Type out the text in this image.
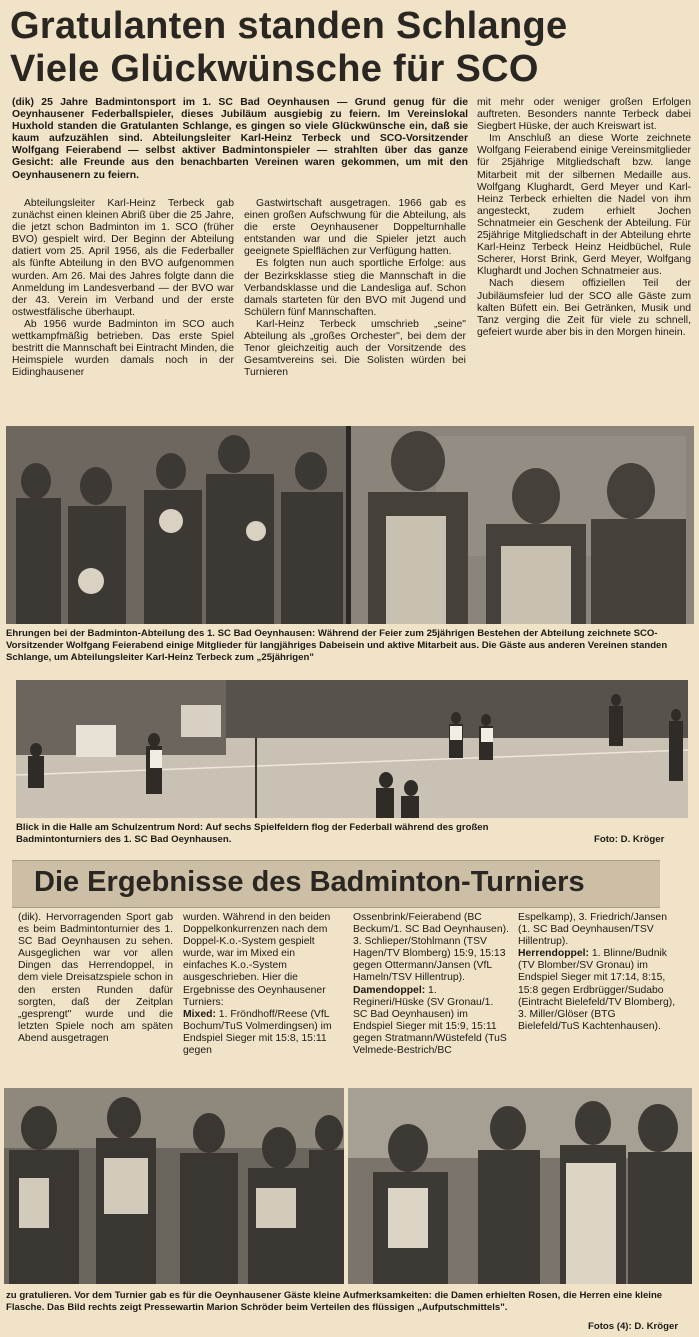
Gratulanten standen Schlange
Viele Glückwünsche für SCO
(dik) 25 Jahre Badmintonsport im 1. SC Bad Oeynhausen — Grund genug für die Oeynhausener Federballspieler, dieses Jubiläum ausgiebig zu feiern. Im Vereinslokal Huxhold standen die Gratulanten Schlange, es gingen so viele Glückwünsche ein, daß sie kaum aufzuzählen sind. Abteilungsleiter Karl-Heinz Terbeck und SCO-Vorsitzender Wolfgang Feierabend — selbst aktiver Badmintonspieler — strahlten über das ganze Gesicht: alle Freunde aus den benachbarten Vereinen waren gekommen, um mit den Oeynhausenern zu feiern.

Abteilungsleiter Karl-Heinz Terbeck gab zunächst einen kleinen Abriß über die 25 Jahre, die jetzt schon Badminton im 1. SCO (früher BVO) gespielt wird. Der Beginn der Abteilung datiert vom 25. April 1956, als die Federballer als fünfte Abteilung in den BVO aufgenommen wurden. Am 26. Mai des Jahres folgte dann die Anmeldung im Landesverband — der BVO war der 43. Verein im Verband und der erste ostwestfälische überhaupt.

Ab 1956 wurde Badminton im SCO auch wettkampfmäßig betrieben. Das erste Spiel bestritt die Mannschaft bei Eintracht Minden, die Heimspiele wurden damals noch in der Eidinghausener

Gastwirtschaft ausgetragen. 1966 gab es einen großen Aufschwung für die Abteilung, als die erste Oeynhausener Doppelturnhalle entstanden war und die Spieler jetzt auch geeignete Spielflächen zur Verfügung hatten.

Es folgten nun auch sportliche Erfolge: aus der Bezirksklasse stieg die Mannschaft in die Verbandsklasse und die Landesliga auf. Schon damals starteten für den BVO mit Jugend und Schülern fünf Mannschaften.

Karl-Heinz Terbeck umschrieb „seine" Abteilung als „großes Orchester", bei dem der Tenor gleichzeitig auch der Vorsitzende des Gesamtvereins sei. Die Solisten würden bei Turnieren

mit mehr oder weniger großen Erfolgen auftreten. Besonders nannte Terbeck dabei Siegbert Hüske, der auch Kreiswart ist.

Im Anschluß an diese Worte zeichnete Wolfgang Feierabend einige Vereinsmitglieder für 25jährige Mitgliedschaft bzw. lange Mitarbeit mit der silbernen Medaille aus. Wolfgang Klughardt, Gerd Meyer und Karl-Heinz Terbeck erhielten die Nadel von ihm angesteckt, zudem erhielt Jochen Schnatmeier ein Geschenk der Abteilung. Für 25jährige Mitgliedschaft in der Abteilung ehrte Karl-Heinz Terbeck Heinz Heidbüchel, Rule Scherer, Horst Brink, Gerd Meyer, Wolfgang Klughardt und Jochen Schnatmeier aus.

Nach diesem offiziellen Teil der Jubiläumsfeier lud der SCO alle Gäste zum kalten Büfett ein. Bei Getränken, Musik und Tanz verging die Zeit für viele zu schnell, gefeiert wurde aber bis in den Morgen hinein.

Ehrungen bei der Badminton-Abteilung des 1. SC Bad Oeynhausen: Während der Feier zum 25jährigen Bestehen der Abteilung zeichnete SCO-Vorsitzender Wolfgang Feierabend einige Mitglieder für langjähriges Dabeisein und aktive Mitarbeit aus. Die Gäste aus anderen Vereinen standen Schlange, um Abteilungsleiter Karl-Heinz Terbeck zum „25jährigen"
Blick in die Halle am Schulzentrum Nord: Auf sechs Spielfeldern flog der Federball während des großen Badmintonturniers des 1. SC Bad Oeynhausen.	Foto: D. Kröger
Die Ergebnisse des Badminton-Turniers

(dik). Hervorragenden Sport gab es beim Badmintonturnier des 1. SC Bad Oeynhausen zu sehen. Ausgeglichen war vor allen Dingen das Herrendoppel, in dem viele Dreisatzspiele schon in den ersten Runden dafür sorgten, daß der Zeitplan „gesprengt" wurde und die letzten Spiele noch am späten Abend ausgetragen

wurden. Während in den beiden Doppelkonkurrenzen nach dem Doppel-K.o.-System gespielt wurde, war im Mixed ein einfaches K.o.-System ausgeschrieben. Hier die Ergebnisse des Oeynhausener Turniers:

Mixed: 1. Fröndhoff/Reese (VfL Bochum/TuS Volmerdingsen) im Endspiel Sieger mit 15:8, 15:11 gegen

Ossenbrink/Feierabend (BC Beckum/1. SC Bad Oeynhausen). 3. Schlieper/Stohlmann (TSV Hagen/TV Blomberg) 15:9, 15:13 gegen Ottermann/Jansen (VfL Hameln/TSV Hillentrup).

Damendoppel: 1. Regineri/Hüske (SV Gronau/1. SC Bad Oeynhausen) im Endspiel Sieger mit 15:9, 15:11 gegen Stratmann/Wüstefeld (TuS Velmede-Bestrich/BC

Espelkamp), 3. Friedrich/Jansen (1. SC Bad Oeynhausen/TSV Hillentrup).

Herrendoppel: 1. Blinne/Budnik (TV Blomber/SV Gronau) im Endspiel Sieger mit 17:14, 8:15, 15:8 gegen Erdbrügger/Sudabo (Eintracht Bielefeld/TV Blomberg), 3. Miller/Glöser (BTG Bielefeld/TuS Kachtenhausen).

zu gratulieren. Vor dem Turnier gab es für die Oeynhausener Gäste kleine Aufmerksamkeiten: die Damen erhielten Rosen, die Herren eine kleine Flasche. Das Bild rechts zeigt Pressewartin Marion Schröder beim Verteilen des flüssigen „Aufputschmittels".
Fotos (4): D. Kröger
